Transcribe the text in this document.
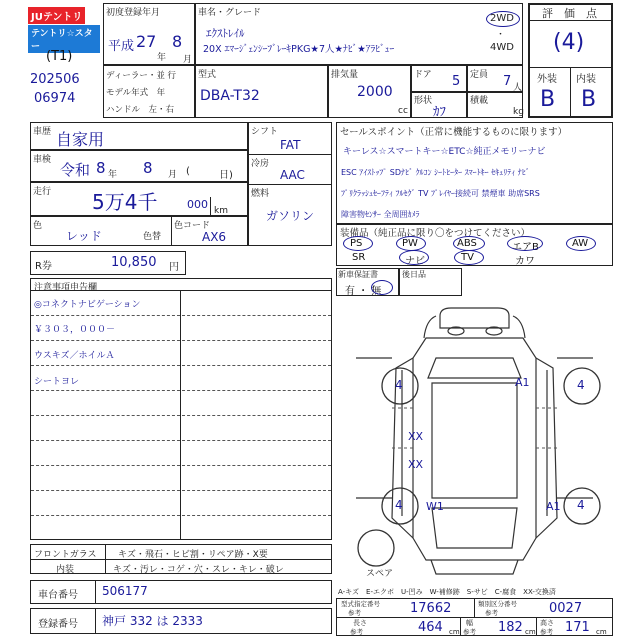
JUテントリ テントリ☆スター
(T1)
202506
06974
初度登録年月
平成 27
年
8
月
車名・グレード
ｴｸｽﾄﾚｲﾙ
20X ｴﾏｰｼﾞｪﾝｼｰﾌﾞﾚｰｷPKG★7人★ﾅﾋﾞ★ｱﾗﾋﾞｭｰ
2WD
・
4WD
評　価　点
(4)
外装 内装
B B
ディーラー・並 行
モデル年式　年
ハンドル　左・右
型式
DBA-T32
排気量
2000
cc
ドア 5 定員 7 人
形状
ｶﾌ
積載
kg
車歴 自家用
車検
令和 8 年 8 月 (	日)
走行 5万4千	000 km
色
レッド	色替
色コード
AX6
シフト
FAT
冷房
AAC
燃料
ガソリン
セールスポイント（正常に機能するものに限ります）
キーレス☆スマートキー☆ETC☆純正メモリーナビ
ESC ｱｲｽﾄｯﾌﾟ SDﾅﾋﾞ ｸﾙｺﾝ ｼｰﾄﾋｰﾀｰ ｽﾏｰﾄｷｰ ｾｷｭﾘﾃｨ ﾅﾋﾞ
ﾌﾟﾘｸﾗｯｼｭｾｰﾌﾃｨ ﾌﾙｾｸﾞ TV ﾌﾟﾚｲﾔｰ接続可 禁煙車 助席SRS
障害物ｾﾝｻｰ 全周囲ｶﾒﾗ
装備品（純正品に限り〇をつけてください）
PS	PW	ABS	エアB	AW
SR	ナビ	TV	カワ
新車保証書
有 ・ 無
後日品
R券	10,850 円
注意事項申告欄
◎コネクトナビゲーション
￥３０３，０００－
ウスキズ／ホイルＡ
シートヨレ
フロントガラス キズ・飛石・ヒビ割・リペア跡・X要
内装	キズ・汚レ・コゲ・穴・スレ・キレ・破レ
車台番号 506177
登録番号 神戸 332 は 2333
4	4
4	4
A1
XX
XX
W1	A1
スペア
A-キズ　E-エクボ　U-凹み　W-補修跡　S-サビ　C-腐食　XX-交換済
型式指定番号
参考	17662	類別区分番号
参考	0027
長さ
参考	464 cm
幅
参考 182 cm
高さ
参考 171 cm
